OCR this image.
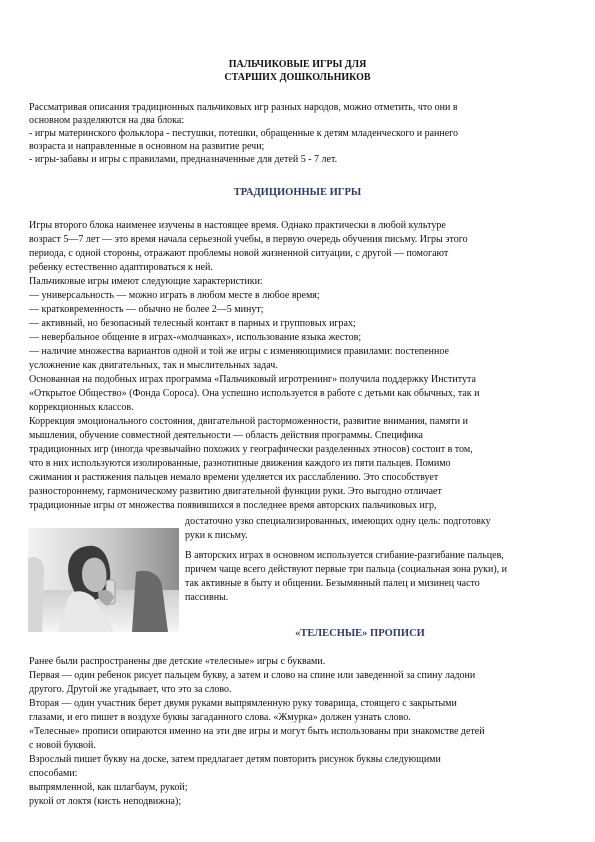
ПАЛЬЧИКОВЫЕ ИГРЫ ДЛЯ
СТАРШИХ ДОШКОЛЬНИКОВ
Рассматривая описания традиционных пальчиковых игр разных народов, можно отметить, что они в
основном разделяются на два блока:
- игры материнского фольклора - пестушки, потешки, обращенные к детям младенческого и раннего
возраста и направленные в основном на развитие речи;
- игры-забавы и игры с правилами, предназначенные для детей 5 - 7 лет.
ТРАДИЦИОННЫЕ ИГРЫ
Игры второго блока наименее изучены в настоящее время. Однако практически в любой культуре
возраст 5—7 лет — это время начала серьезной учебы, в первую очередь обучения письму. Игры этого
периода, с одной стороны, отражают проблемы новой жизненной ситуации, с другой — помогают
ребенку естественно адаптироваться к ней.
Пальчиковые игры имеют следующие характеристики:
— универсальность — можно играть в любом месте в любое время;
— кратковременность — обычно не более 2—5 минут;
— активный, но безопасный телесный контакт в парных и групповых играх;
— невербальное общение в играх-«молчанках», использование языка жестов;
— наличие множества вариантов одной и той же игры с изменяющимися правилами: постепенное
усложнение как двигательных, так и мыслительных задач.
Основанная на подобных играх программа «Пальчиковый игротренинг» получила поддержку Института
«Открытое Общество» (Фонда Сороса). Она успешно используется в работе с детьми как обычных, так и
коррекционных классов.
Коррекция эмоционального состояния, двигательной расторможенности, развитие внимания, памяти и
мышления, обучение совместной деятельности — область действия программы. Специфика
традиционных игр (иногда чрезвычайно похожих у географически разделенных этносов) состоит в том,
что в них используются изолированные, разнотипные движения каждого из пяти пальцев. Помимо
сжимания и растяжения пальцев немало времени уделяется их расслаблению. Это способствует
разностороннему, гармоническому развитию двигательной функции руки. Это выгодно отличает
традиционные игры от множества появившихся в последнее время авторских пальчиковых игр,
достаточно узко специализированных, имеющих одну цель: подготовку
руки к письму.
В авторских играх в основном используется сгибание-разгибание пальцев,
причем чаще всего действуют первые три пальца (социальная зона руки), и
так активные в быту и общении. Безымянный палец и мизинец часто
пассивны.
«ТЕЛЕСНЫЕ» ПРОПИСИ
Ранее были распространены две детские «телесные» игры с буквами.
Первая — один ребенок рисует пальцем букву, а затем и слово на спине или заведенной за спину ладони
другого. Другой же угадывает, что это за слово.
Вторая — один участник берет двумя руками выпрямленную руку товарища, стоящего с закрытыми
глазами, и его пишет в воздухе буквы загаданного слова. «Жмурка» должен узнать слово.
«Телесные» прописи опираются именно на эти две игры и могут быть использованы при знакомстве детей
с новой буквой.
Взрослый пишет букву на доске, затем предлагает детям повторить рисунок буквы следующими
способами:
выпрямленной, как шлагбаум, рукой;
рукой от локтя (кисть неподвижна);
